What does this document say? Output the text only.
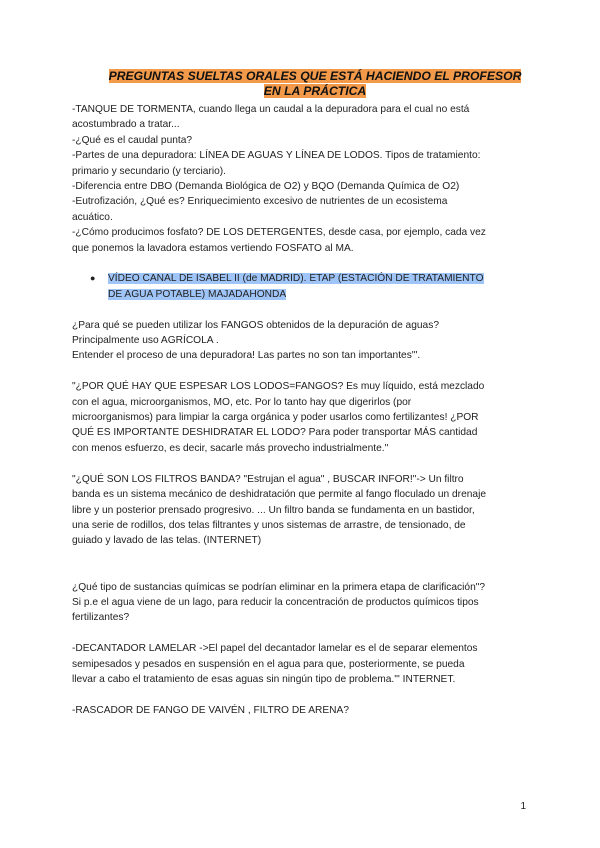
PREGUNTAS SUELTAS ORALES QUE ESTÁ HACIENDO EL PROFESOR
EN LA PRÁCTICA

-TANQUE DE TORMENTA, cuando llega un caudal a la depuradora para el cual no está
acostumbrado a tratar...

-¿Qué es el caudal punta?

-Partes de una depuradora: LÍNEA DE AGUAS Y LÍNEA DE LODOS. Tipos de tratamiento:
primario y secundario (y terciario).

-Diferencia entre DBO (Demanda Biológica de O2) y BQO (Demanda Química de O2)

-Eutrofización, ¿Qué es? Enriquecimiento excesivo de nutrientes de un ecosistema
acuático.

-¿Cómo producimos fosfato? DE LOS DETERGENTES, desde casa, por ejemplo, cada vez
que ponemos la lavadora estamos vertiendo FOSFATO al MA.

●	VÍDEO CANAL DE ISABEL II (de MADRID). ETAP (ESTACIÓN DE TRATAMIENTO
DE AGUA POTABLE) MAJADAHONDA

¿Para qué se pueden utilizar los FANGOS obtenidos de la depuración de aguas?
Principalmente uso AGRÍCOLA .
Entender el proceso de una depuradora! Las partes no son tan importantes'".

"¿POR QUÉ HAY QUE ESPESAR LOS LODOS=FANGOS? Es muy líquido, está mezclado
con el agua, microorganismos, MO, etc. Por lo tanto hay que digerirlos (por
microorganismos) para limpiar la carga orgánica y poder usarlos como fertilizantes! ¿POR
QUÉ ES IMPORTANTE DESHIDRATAR EL LODO? Para poder transportar MÁS cantidad
con menos esfuerzo, es decir, sacarle más provecho industrialmente."

"¿QUÉ SON LOS FILTROS BANDA? "Estrujan el agua" , BUSCAR INFOR!"-> Un filtro
banda es un sistema mecánico de deshidratación que permite al fango floculado un drenaje
libre y un posterior prensado progresivo. ... Un filtro banda se fundamenta en un bastidor,
una serie de rodillos, dos telas filtrantes y unos sistemas de arrastre, de tensionado, de
guiado y lavado de las telas. (INTERNET)

¿Qué tipo de sustancias químicas se podrían eliminar en la primera etapa de clarificación"?
Si p.e el agua viene de un lago, para reducir la concentración de productos químicos tipos
fertilizantes?

-DECANTADOR LAMELAR ->El papel del decantador lamelar es el de separar elementos
semipesados y pesados en suspensión en el agua para que, posteriormente, se pueda
llevar a cabo el tratamiento de esas aguas sin ningún tipo de problema.'" INTERNET.

-RASCADOR DE FANGO DE VAIVÉN , FILTRO DE ARENA?

1
